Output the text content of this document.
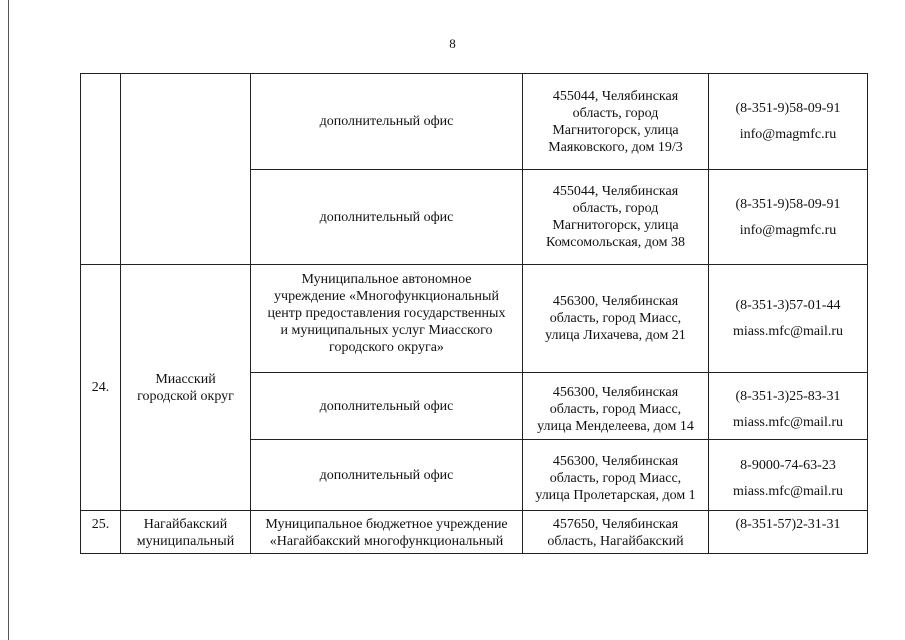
8
		дополнительный офис	455044, Челябинская
область, город
Магнитогорск, улица
Маяковского, дом 19/3	(8-351-9)58-09-91
info@magmfc.ru

		дополнительный офис	455044, Челябинская
область, город
Магнитогорск, улица
Комсомольская, дом 38	(8-351-9)58-09-91
info@magmfc.ru

24.	Миасский
городской округ	Муниципальное автономное
учреждение «Многофункциональный
центр предоставления государственных
и муниципальных услуг Миасского
городского округа»	456300, Челябинская
область, город Миасс,
улица Лихачева, дом 21	(8-351-3)57-01-44
miass.mfc@mail.ru

		дополнительный офис	456300, Челябинская
область, город Миасс,
улица Менделеева, дом 14	(8-351-3)25-83-31
miass.mfc@mail.ru

		дополнительный офис	456300, Челябинская
область, город Миасс,
улица Пролетарская, дом 1	8-9000-74-63-23
miass.mfc@mail.ru

25.	Нагайбакский
муниципальный	Муниципальное бюджетное учреждение
«Нагайбакский многофункциональный	457650, Челябинская
область, Нагайбакский	(8-351-57)2-31-31
